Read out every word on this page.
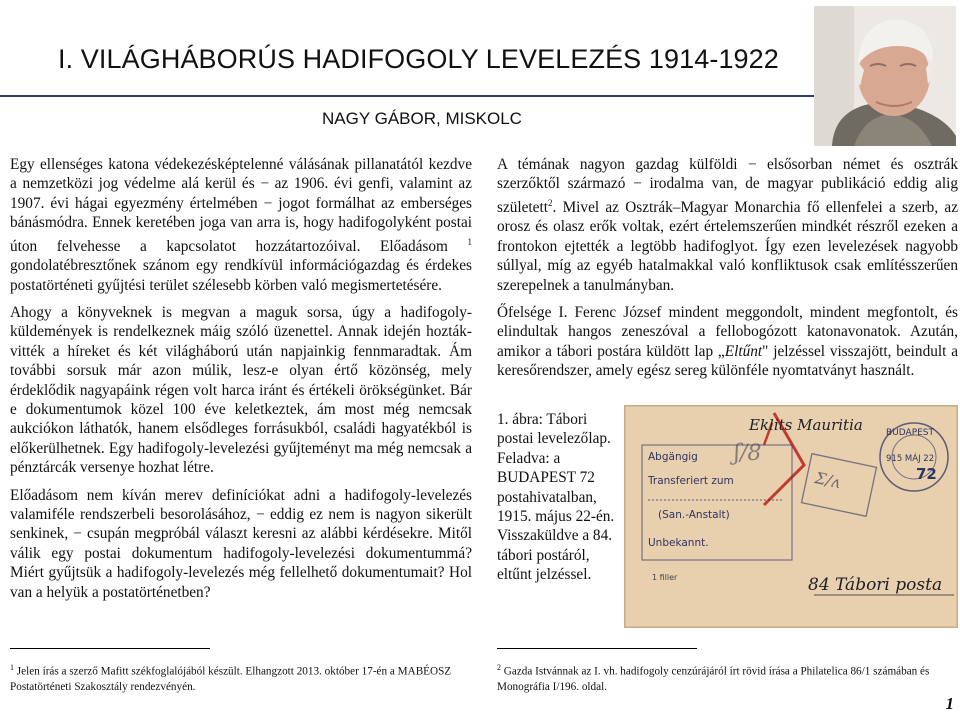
I. VILÁGHÁBORÚS HADIFOGOLY LEVELEZÉS 1914-1922
NAGY GÁBOR, MISKOLC

Egy ellenséges katona védekezésképtelenné válásának pillanatától kezdve a nemzetközi jog védelme alá kerül és − az 1906. évi genfi, valamint az 1907. évi hágai egyezmény értelmében − jogot formálhat az emberséges bánásmódra. Ennek keretében joga van arra is, hogy hadifogolyként postai úton felvehesse a kapcsolatot hozzátartozóival. Előadásom $^1$ gondolatébresztőnek szánom egy rendkívül információgazdag és érdekes postatörténeti gyűjtési terület szélesebb körben való megismertetésére.

Ahogy a könyveknek is megvan a maguk sorsa, úgy a hadifogoly-küldemények is rendelkeznek máig szóló üzenettel. Annak idején hozták-vitték a híreket és két világháború után napjainkig fennmaradtak. Ám további sorsuk már azon múlik, lesz-e olyan értő közönség, mely érdeklődik nagyapáink régen volt harca iránt és értékeli örökségünket. Bár e dokumentumok közel 100 éve keletkeztek, ám most még nemcsak aukciókon láthatók, hanem elsődleges forrásukból, családi hagyatékból is előkerülhetnek. Egy hadifogoly-levelezési gyűjteményt ma még nemcsak a pénztárcák versenye hozhat létre.

Előadásom nem kíván merev definíciókat adni a hadifogoly-levelezés valamiféle rendszerbeli besorolásához, − eddig ez nem is nagyon sikerült senkinek, − csupán megpróbál választ keresni az alábbi kérdésekre. Mitől válik egy postai dokumentum hadifogoly-levelezési dokumentummá? Miért gyűjtsük a hadifogoly-levelezés még fellelhető dokumentumait? Hol van a helyük a postatörténetben?

A témának nagyon gazdag külföldi − elsősorban német és osztrák szerzőktől származó − irodalma van, de magyar publikáció eddig alig született$^2$. Mivel az Osztrák–Magyar Monarchia fő ellenfelei a szerb, az orosz és olasz erők voltak, ezért értelemszerűen mindkét részről ezeken a frontokon ejtették a legtöbb hadifoglyot. Így ezen levelezések nagyobb súllyal, míg az egyéb hatalmakkal való konfliktusok csak említésszerűen szerepelnek a tanulmányban.

Őfelsége I. Ferenc József mindent meggondolt, mindent megfontolt, és elindultak hangos zeneszóval a fellobogózott katonavonatok. Azután, amikor a tábori postára küldött lap „Eltűnt" jelzéssel visszajött, beindult a keresőrendszer, amely egész sereg különféle nyomtatványt használt.

1. ábra: Tábori postai levelezőlap. Feladva: a BUDAPEST 72 postahivatalban, 1915. május 22-én. Visszaküldve a 84. tábori postáról, eltűnt jelzéssel.
Eklits Mauritia
ʃ/8
Abgängig
Transferiert zum
(San.-Anstalt)
Unbekannt.
Ʃ/ʌ
BUDAPEST
915 MÁJ 22
72
1 filler	84 Tábori posta
$^1$ Jelen írás a szerző Mafitt székfoglalójából készült. Elhangzott 2013. október 17-én a MABÉOSZ Postatörténeti Szakosztály rendezvényén.
$^2$ Gazda Istvánnak az I. vh. hadifogoly cenzúrájáról írt rövid írása a Philatelica 86/1 számában és Monográfia I/196. oldal.
1
